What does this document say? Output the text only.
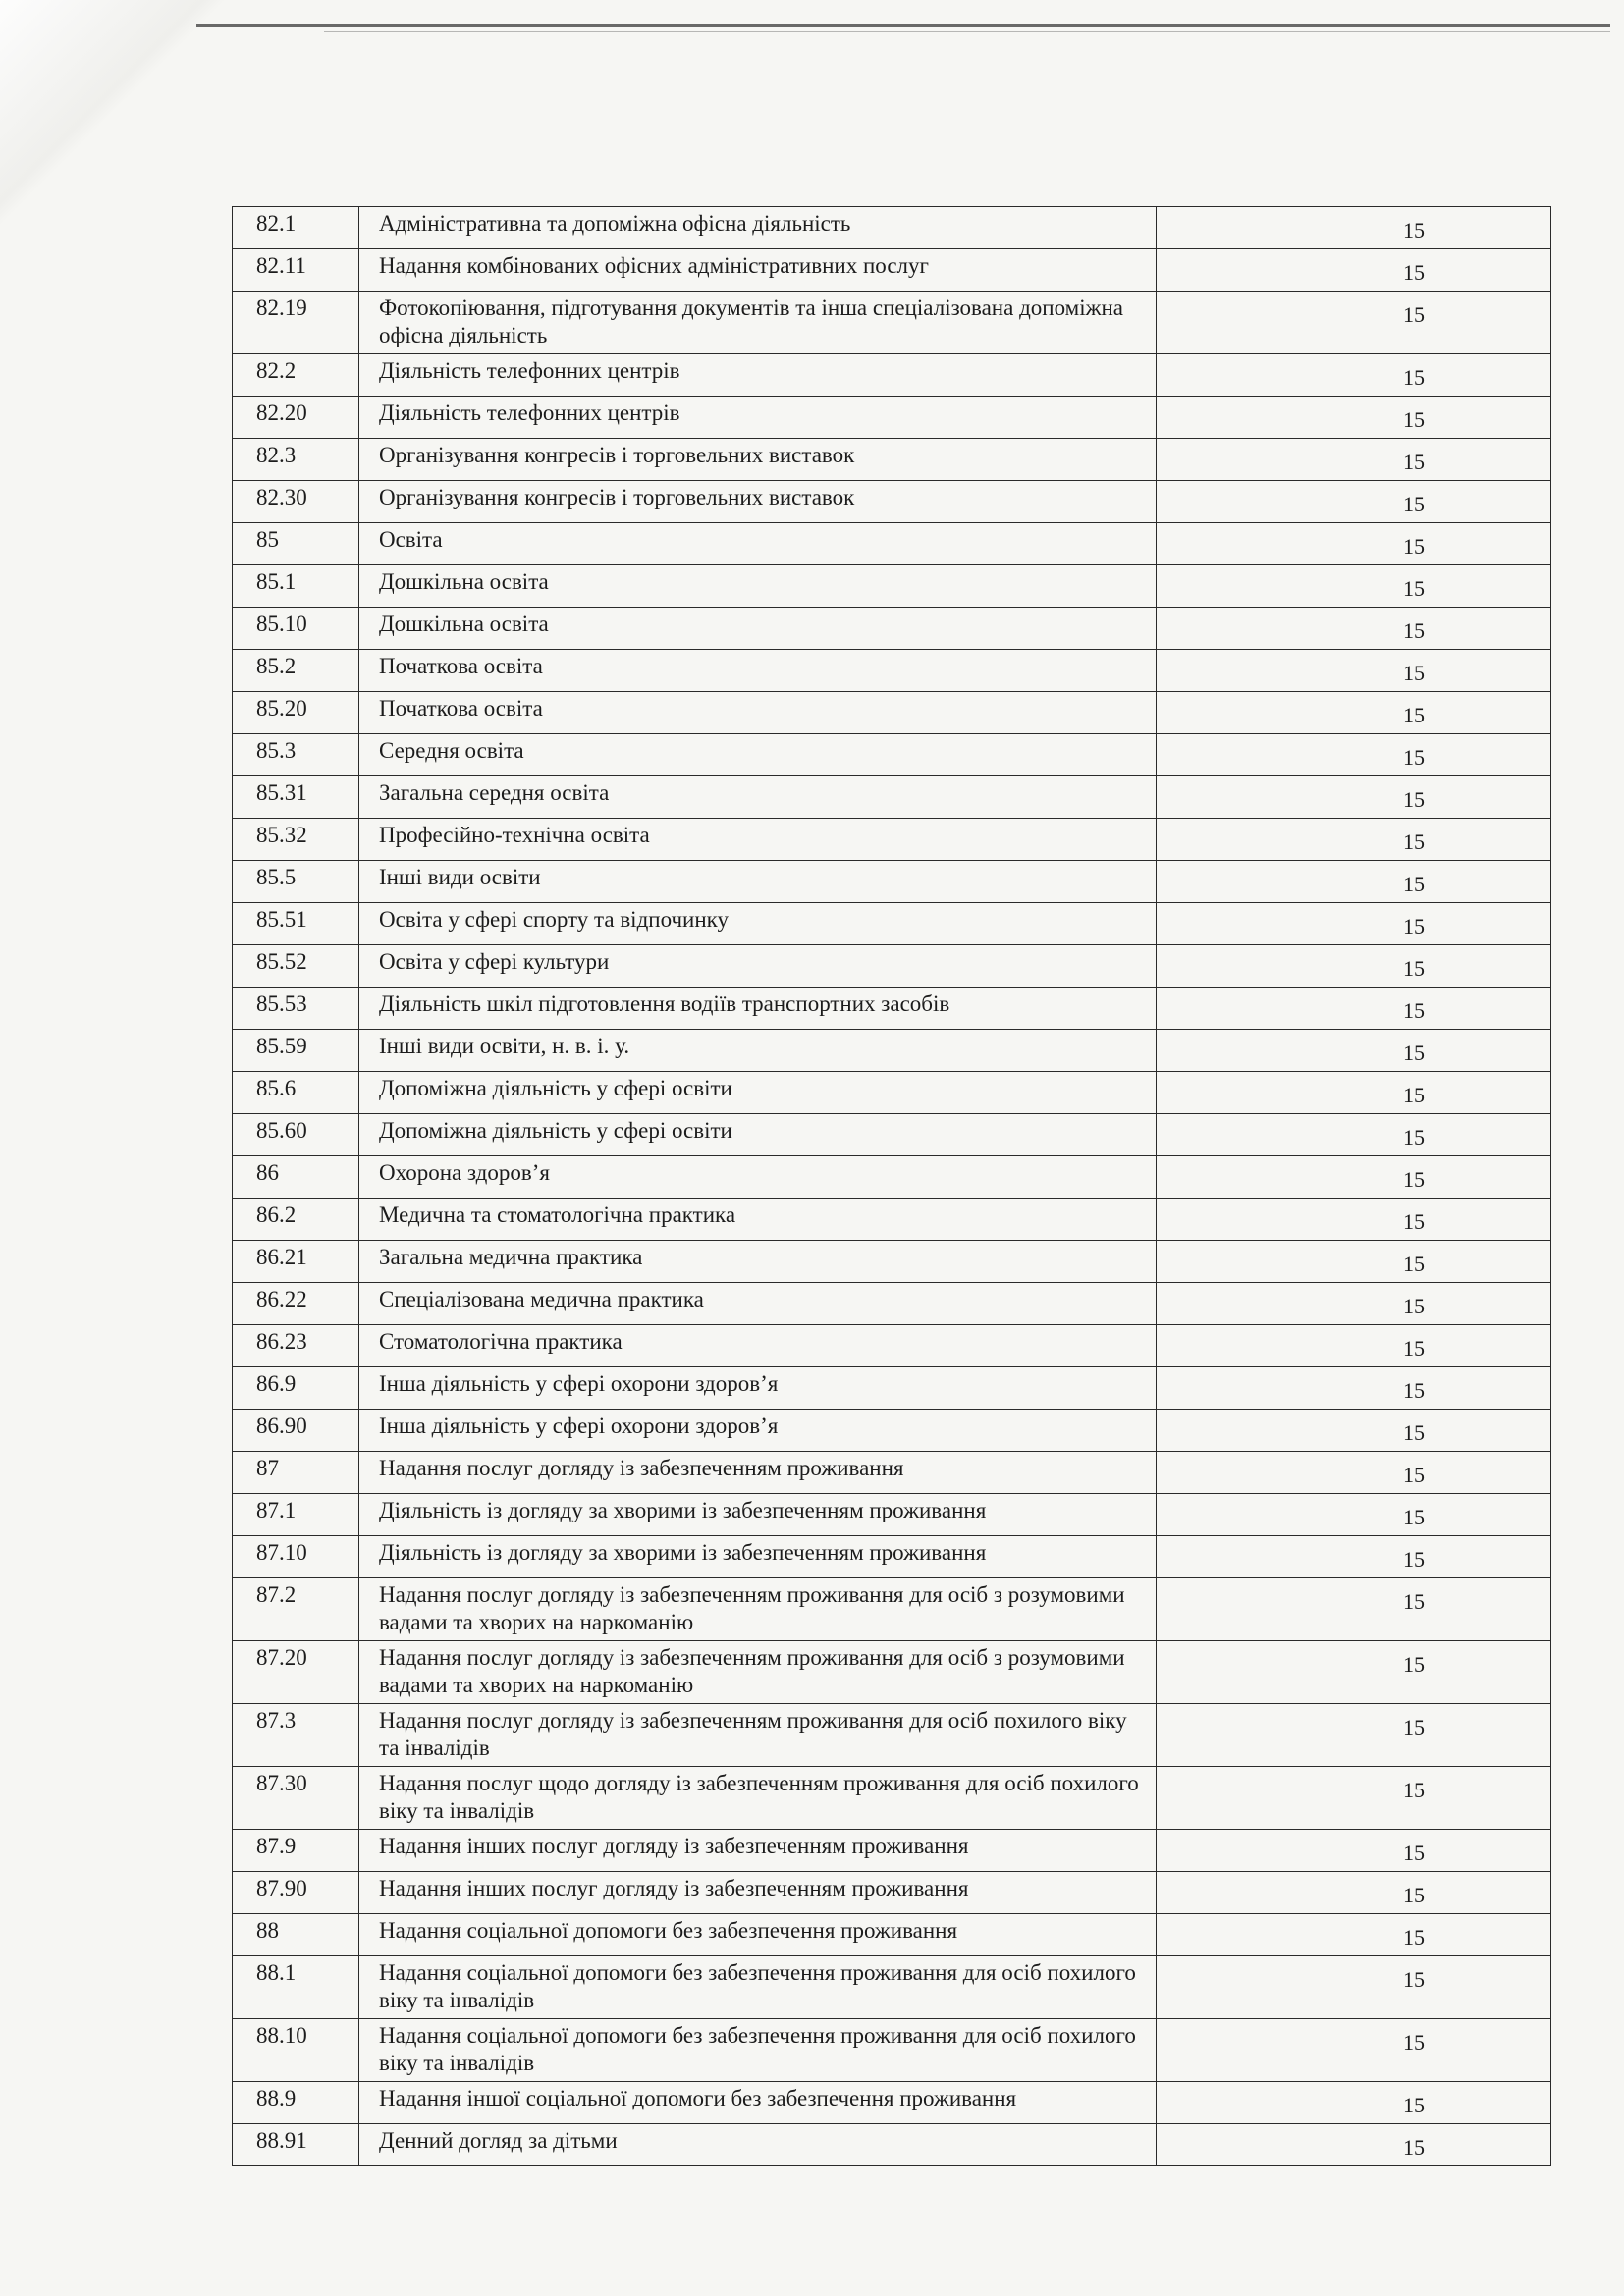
82.1	Адміністративна та допоміжна офісна діяльність	15
82.11	Надання комбінованих офісних адміністративних послуг	15
82.19	Фотокопіювання, підготування документів та інша спеціалізована допоміжна офісна діяльність	15
82.2	Діяльність телефонних центрів	15
82.20	Діяльність телефонних центрів	15
82.3	Організування конгресів і торговельних виставок	15
82.30	Організування конгресів і торговельних виставок	15
85	Освіта	15
85.1	Дошкільна освіта	15
85.10	Дошкільна освіта	15
85.2	Початкова освіта	15
85.20	Початкова освіта	15
85.3	Середня освіта	15
85.31	Загальна середня освіта	15
85.32	Професійно-технічна освіта	15
85.5	Інші види освіти	15
85.51	Освіта у сфері спорту та відпочинку	15
85.52	Освіта у сфері культури	15
85.53	Діяльність шкіл підготовлення водіїв транспортних засобів	15
85.59	Інші види освіти, н. в. і. у.	15
85.6	Допоміжна діяльність у сфері освіти	15
85.60	Допоміжна діяльність у сфері освіти	15
86	Охорона здоров’я	15
86.2	Медична та стоматологічна практика	15
86.21	Загальна медична практика	15
86.22	Спеціалізована медична практика	15
86.23	Стоматологічна практика	15
86.9	Інша діяльність у сфері охорони здоров’я	15
86.90	Інша діяльність у сфері охорони здоров’я	15
87	Надання послуг догляду із забезпеченням проживання	15
87.1	Діяльність із догляду за хворими із забезпеченням проживання	15
87.10	Діяльність із догляду за хворими із забезпеченням проживання	15
87.2	Надання послуг догляду із забезпеченням проживання для осіб з розумовими вадами та хворих на наркоманію	15
87.20	Надання послуг догляду із забезпеченням проживання для осіб з розумовими вадами та хворих на наркоманію	15
87.3	Надання послуг догляду із забезпеченням проживання для осіб похилого віку та інвалідів	15
87.30	Надання послуг щодо догляду із забезпеченням проживання для осіб похилого віку та інвалідів	15
87.9	Надання інших послуг догляду із забезпеченням проживання	15
87.90	Надання інших послуг догляду із забезпеченням проживання	15
88	Надання соціальної допомоги без забезпечення проживання	15
88.1	Надання соціальної допомоги без забезпечення проживання для осіб похилого віку та інвалідів	15
88.10	Надання соціальної допомоги без забезпечення проживання для осіб похилого віку та інвалідів	15
88.9	Надання іншої соціальної допомоги без забезпечення проживання	15
88.91	Денний догляд за дітьми	15
